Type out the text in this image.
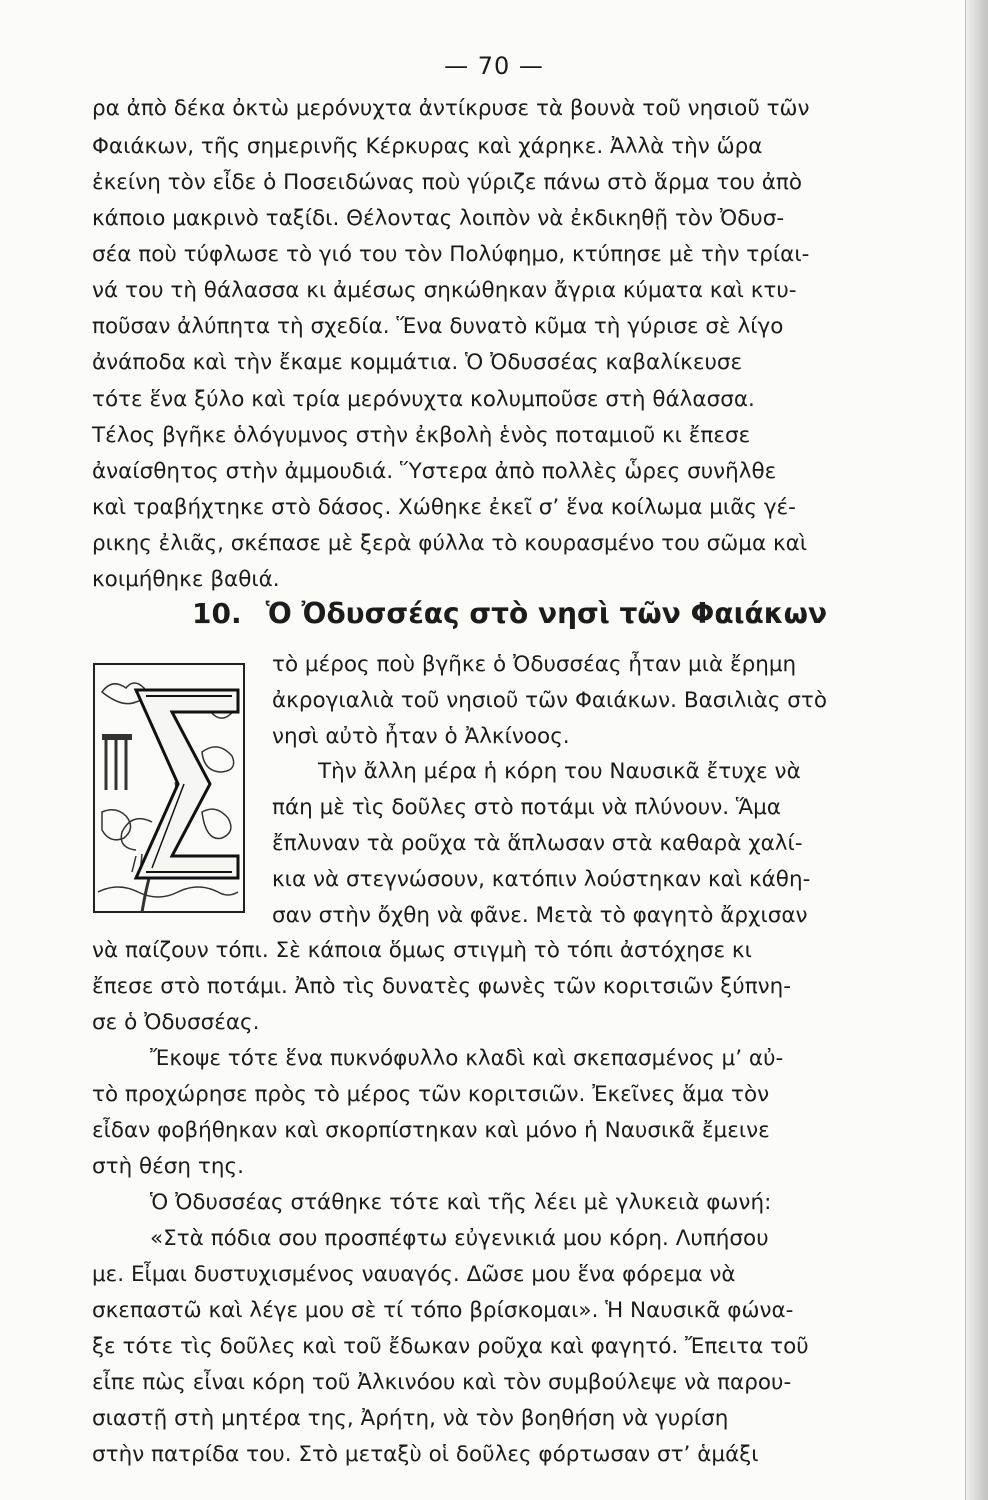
— 70 —
ρα ἀπὸ δέκα ὀκτὼ μερόνυχτα ἀντίκρυσε τὰ βουνὰ τοῦ νησιοῦ τῶν
Φαιάκων, τῆς σημερινῆς Κέρκυρας καὶ χάρηκε. Ἀλλὰ τὴν ὥρα
ἐκείνη τὸν εἶδε ὁ Ποσειδώνας ποὺ γύριζε πάνω στὸ ἅρμα του ἀπὸ
κάποιο μακρινὸ ταξίδι. Θέλοντας λοιπὸν νὰ ἐκδικηθῇ τὸν Ὀδυσ-
σέα ποὺ τύφλωσε τὸ γιό του τὸν Πολύφημο, κτύπησε μὲ τὴν τρίαι-
νά του τὴ θάλασσα κι ἀμέσως σηκώθηκαν ἄγρια κύματα καὶ κτυ-
ποῦσαν ἀλύπητα τὴ σχεδία. Ἕνα δυνατὸ κῦμα τὴ γύρισε σὲ λίγο
ἀνάποδα καὶ τὴν ἔκαμε κομμάτια. Ὁ Ὀδυσσέας καβαλίκευσε
τότε ἕνα ξύλο καὶ τρία μερόνυχτα κολυμποῦσε στὴ θάλασσα.
Τέλος βγῆκε ὁλόγυμνος στὴν ἐκβολὴ ἑνὸς ποταμιοῦ κι ἔπεσε
ἀναίσθητος στὴν ἀμμουδιά. Ὕστερα ἀπὸ πολλὲς ὧρες συνῆλθε
καὶ τραβήχτηκε στὸ δάσος. Χώθηκε ἐκεῖ σ’ ἕνα κοίλωμα μιᾶς γέ-
ρικης ἐλιᾶς, σκέπασε μὲ ξερὰ φύλλα τὸ κουρασμένο του σῶμα καὶ
κοιμήθηκε βαθιά.
10. Ὁ Ὀδυσσέας στὸ νησὶ τῶν Φαιάκων
τὸ μέρος ποὺ βγῆκε ὁ Ὀδυσσέας ἦταν μιὰ ἔρημη
ἀκρογιαλιὰ τοῦ νησιοῦ τῶν Φαιάκων. Βασιλιὰς στὸ
νησὶ αὐτὸ ἦταν ὁ Ἀλκίνοος.
Τὴν ἄλλη μέρα ἡ κόρη του Ναυσικᾶ ἔτυχε νὰ
πάη μὲ τὶς δοῦλες στὸ ποτάμι νὰ πλύνουν. Ἅμα
ἔπλυναν τὰ ροῦχα τὰ ἅπλωσαν στὰ καθαρὰ χαλί-
κια νὰ στεγνώσουν, κατόπιν λούστηκαν καὶ κάθη-
σαν στὴν ὄχθη νὰ φᾶνε. Μετὰ τὸ φαγητὸ ἄρχισαν
νὰ παίζουν τόπι. Σὲ κάποια ὅμως στιγμὴ τὸ τόπι ἀστόχησε κι
ἔπεσε στὸ ποτάμι. Ἀπὸ τὶς δυνατὲς φωνὲς τῶν κοριτσιῶν ξύπνη-
σε ὁ Ὀδυσσέας.
Ἔκοψε τότε ἕνα πυκνόφυλλο κλαδὶ καὶ σκεπασμένος μ’ αὐ-
τὸ προχώρησε πρὸς τὸ μέρος τῶν κοριτσιῶν. Ἐκεῖνες ἅμα τὸν
εἶδαν φοβήθηκαν καὶ σκορπίστηκαν καὶ μόνο ἡ Ναυσικᾶ ἔμεινε
στὴ θέση της.
Ὁ Ὀδυσσέας στάθηκε τότε καὶ τῆς λέει μὲ γλυκειὰ φωνή:
«Στὰ πόδια σου προσπέφτω εὐγενικιά μου κόρη. Λυπήσου
με. Εἶμαι δυστυχισμένος ναυαγός. Δῶσε μου ἕνα φόρεμα νὰ
σκεπαστῶ καὶ λέγε μου σὲ τί τόπο βρίσκομαι». Ἡ Ναυσικᾶ φώνα-
ξε τότε τὶς δοῦλες καὶ τοῦ ἔδωκαν ροῦχα καὶ φαγητό. Ἔπειτα τοῦ
εἶπε πὼς εἶναι κόρη τοῦ Ἀλκινόου καὶ τὸν συμβούλεψε νὰ παρου-
σιαστῇ στὴ μητέρα της, Ἀρήτη, νὰ τὸν βοηθήση νὰ γυρίση
στὴν πατρίδα του. Στὸ μεταξὺ οἱ δοῦλες φόρτωσαν στ’ ἁμάξι
